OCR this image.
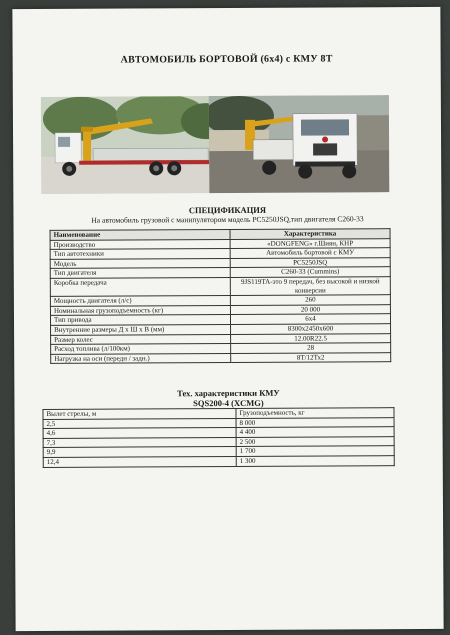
АВТОМОБИЛЬ БОРТОВОЙ (6х4) с КМУ 8Т
СПЕЦИФИКАЦИЯ
На автомобиль грузовой с манипулятором модель PC5250JSQ,тип двигателя C260-33
Наименование	Характеристика
Производство	«DONGFENG» г.Шиян, КНР
Тип автотехники	Автомобиль бортовой с КМУ
Модель	PC5250JSQ
Тип двигателя	C260-33 (Cummins)
Коробка передача	9JS119TA-это 9 передач, без высокой и низкой конверсии
Мощность двигателя (л/с)	260
Номинальная грузоподъемность (кг)	20 000
Тип привода	6x4
Внутренние размеры Д х Ш х В (мм)	8300x2450x600
Размер колес	12.00R22.5
Расход топлива (л/100км)	28
Нагрузка на оси (передн / задн.)	8Т/12Тх2
Тех. характеристики КМУ
SQS200-4 (XCMG)
Вылет стрелы, м	Грузоподъемность, кг
2,5	8 000
4,6	4 400
7,3	2 500
9,9	1 700
12,4	1 300
